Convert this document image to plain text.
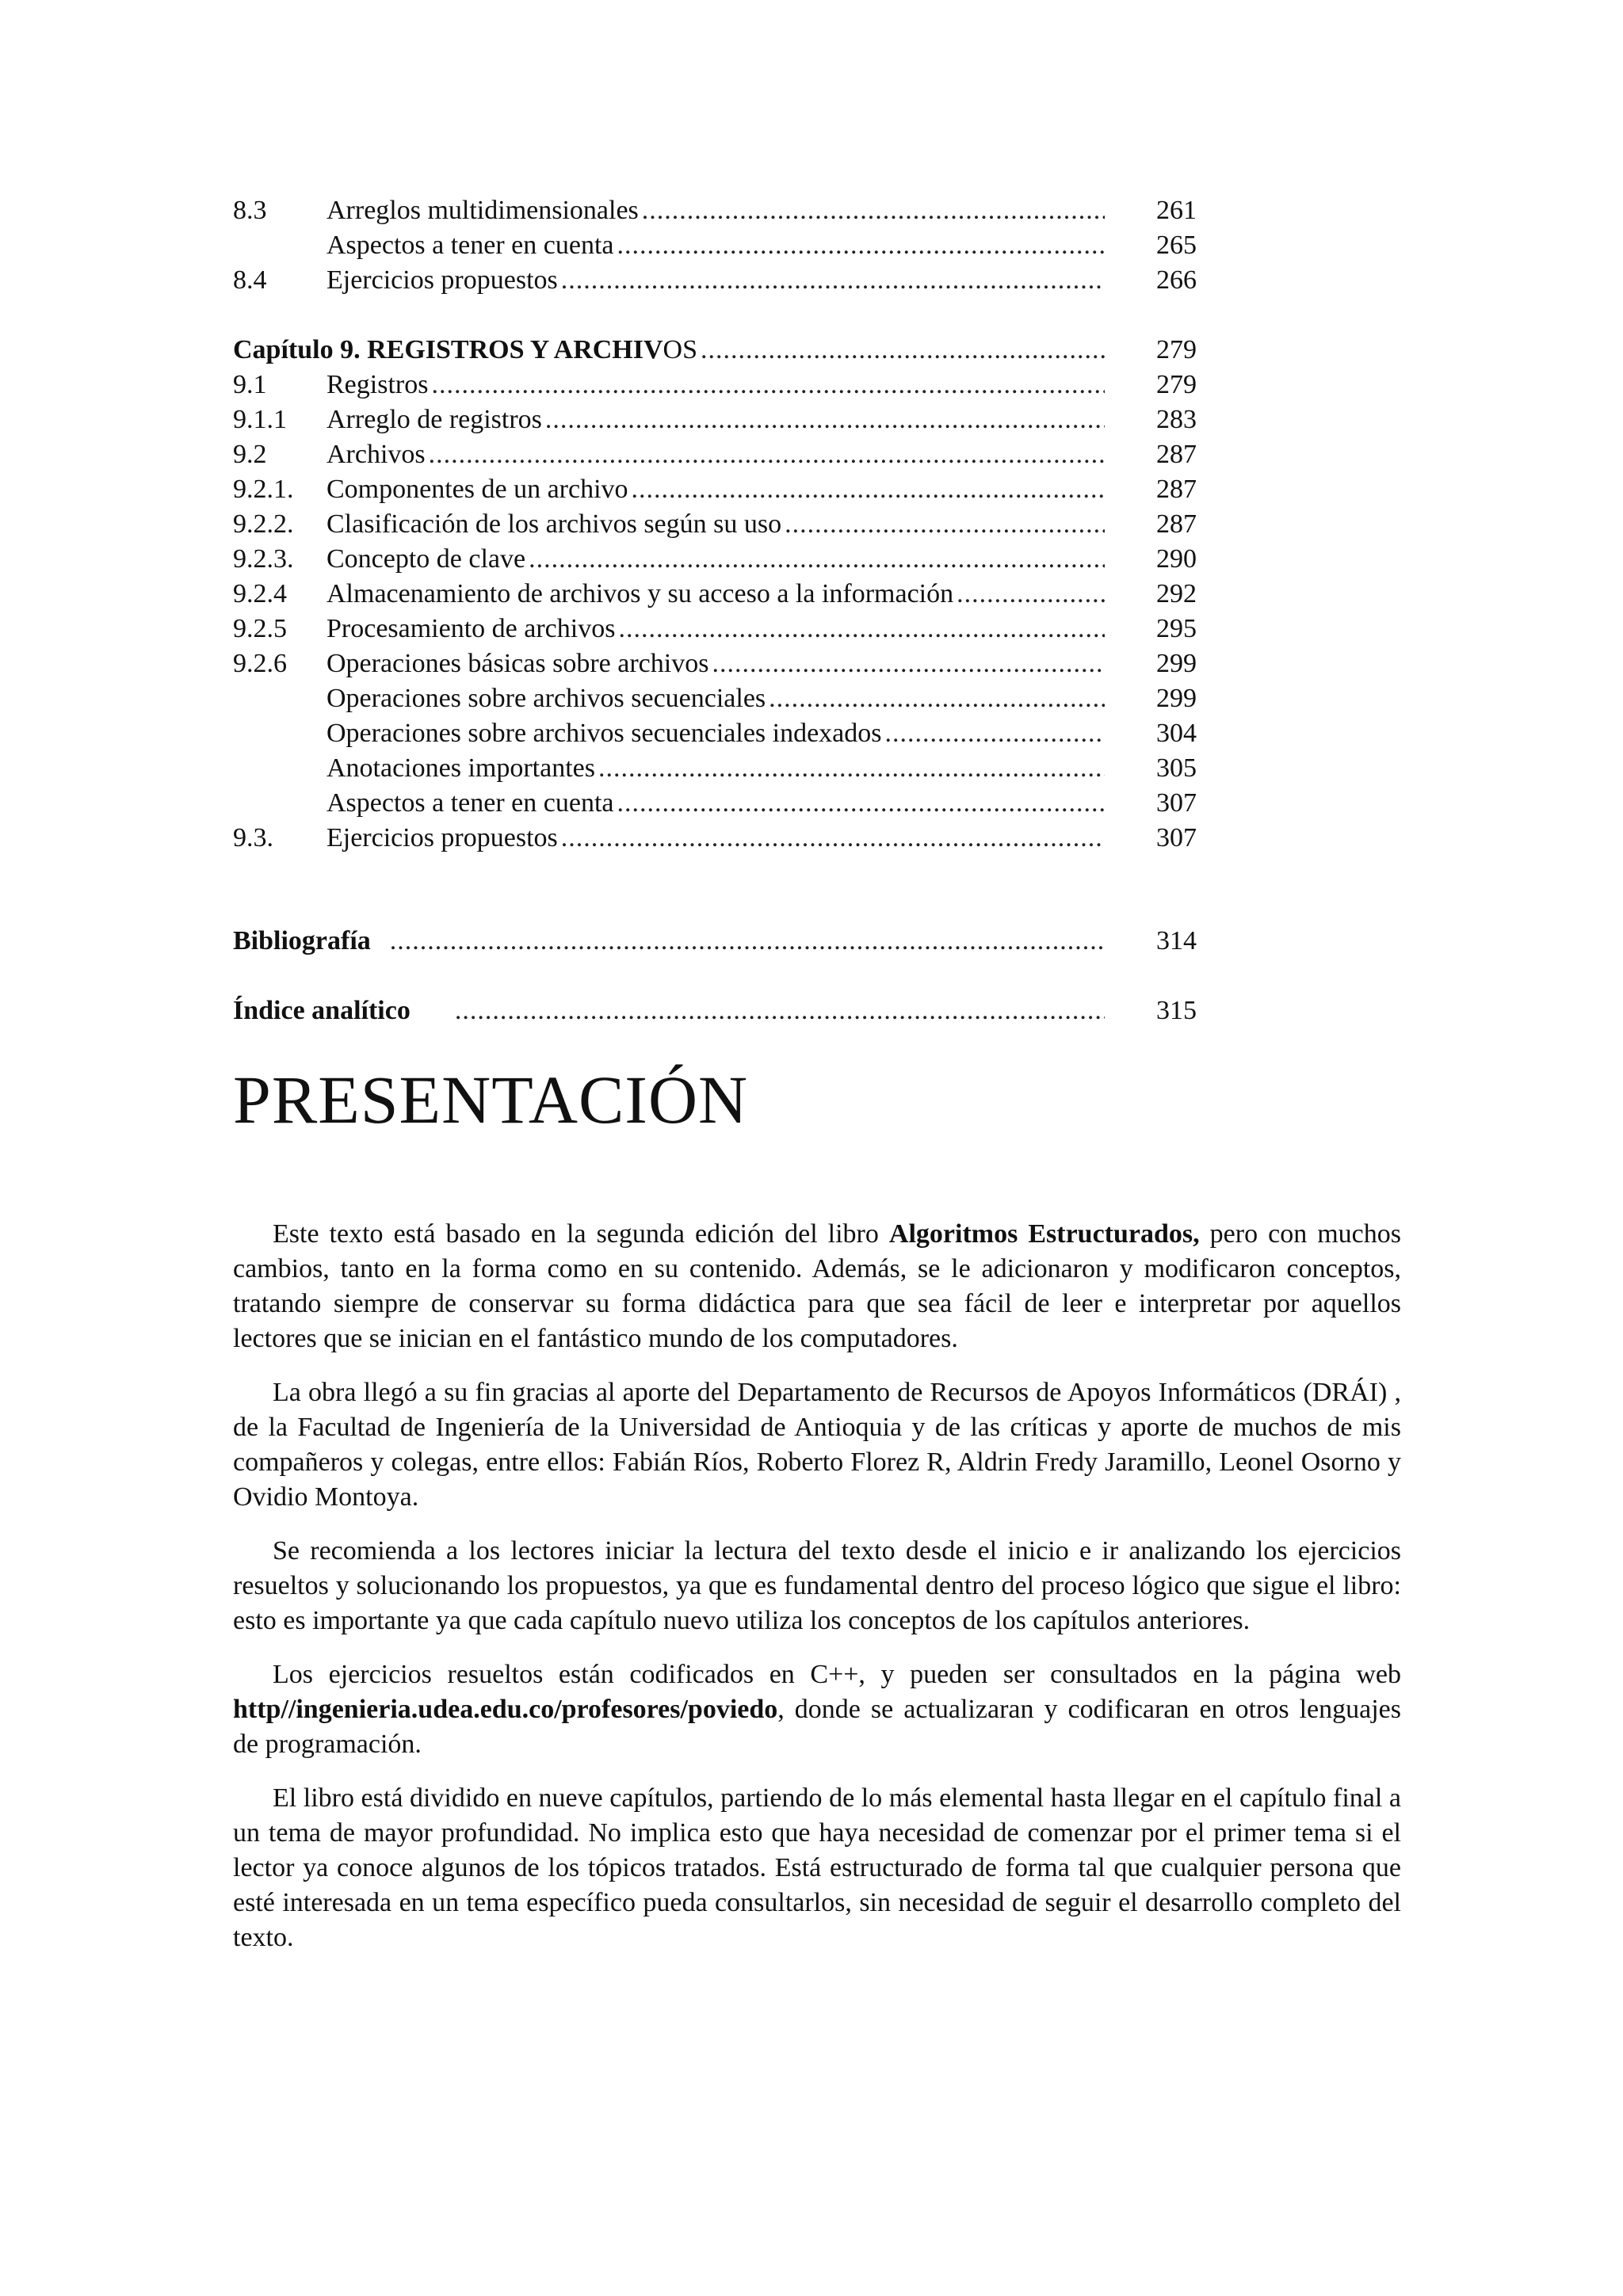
8.3	Arreglos multidimensionales .....	261
Aspectos a tener en cuenta .....	265
8.4	Ejercicios propuestos .....	266
Capítulo 9. REGISTROS Y ARCHIVOS .....	279
9.1	Registros .....	279
9.1.1	Arreglo de registros .....	283
9.2	Archivos .....	287
9.2.1.	Componentes de un archivo .....	287
9.2.2.	Clasificación de los archivos según su uso .....	287
9.2.3.	Concepto de clave .....	290
9.2.4	Almacenamiento de archivos y su acceso a la información .....	292
9.2.5	Procesamiento de archivos .....	295
9.2.6	Operaciones básicas sobre archivos .....	299
Operaciones sobre archivos secuenciales .....	299
Operaciones sobre archivos secuenciales indexados .....	304
Anotaciones importantes .....	305
Aspectos a tener en cuenta .....	307
9.3.	Ejercicios propuestos .....	307
Bibliografía .....	314
Índice analítico .....	315
PRESENTACIÓN

Este texto está basado en la segunda edición del libro Algoritmos Estructurados, pero con muchos cambios, tanto en la forma como en su contenido. Además, se le adicionaron y modificaron conceptos, tratando siempre de conservar su forma didáctica para que sea fácil de leer e interpretar por aquellos lectores que se inician en el fantástico mundo de los computadores.

La obra llegó a su fin gracias al aporte del Departamento de Recursos de Apoyos Informáticos (DRÁI) , de la Facultad de Ingeniería de la Universidad de Antioquia y de las críticas y aporte de muchos de mis compañeros y colegas, entre ellos: Fabián Ríos, Roberto Florez R, Aldrin Fredy Jaramillo, Leonel Osorno y Ovidio Montoya.

Se recomienda a los lectores iniciar la lectura del texto desde el inicio e ir analizando los ejercicios resueltos y solucionando los propuestos, ya que es fundamental dentro del proceso lógico que sigue el libro: esto es importante ya que cada capítulo nuevo utiliza los conceptos de los capítulos anteriores.

Los ejercicios resueltos están codificados en C++, y pueden ser consultados en la página web http//ingenieria.udea.edu.co/profesores/poviedo, donde se actualizaran y codificaran en otros lenguajes de programación.

El libro está dividido en nueve capítulos, partiendo de lo más elemental hasta llegar en el capítulo final a un tema de mayor profundidad. No implica esto que haya necesidad de comenzar por el primer tema si el lector ya conoce algunos de los tópicos tratados. Está estructurado de forma tal que cualquier persona que esté interesada en un tema específico pueda consultarlos, sin necesidad de seguir el desarrollo completo del texto.
